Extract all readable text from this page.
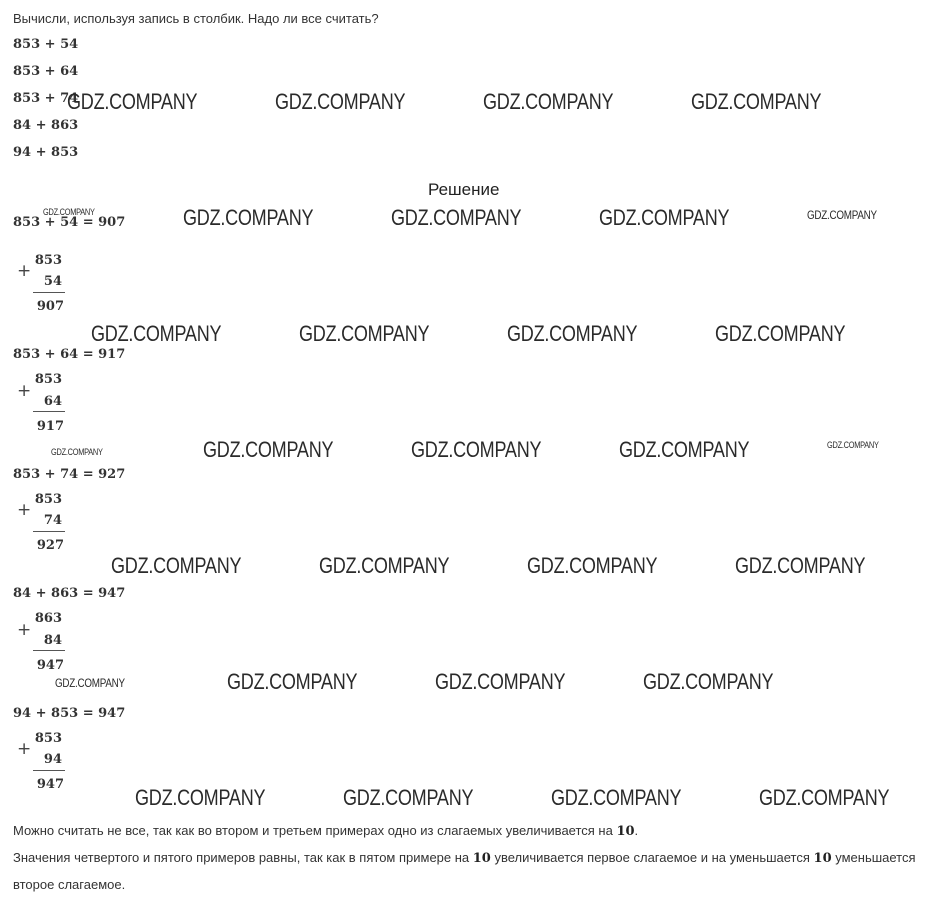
Вычисли, используя запись в столбик. Надо ли все считать?
853 + 54
853 + 64
853 + 74
84 + 863
94 + 853
Решение
853 + 54 = 907
+
853
54
907
853 + 64 = 917
+
853
64
917
853 + 74 = 927
+
853
74
927
84 + 863 = 947
+
863
84
947
94 + 853 = 947
+
853
94
947
Можно считать не все, так как во втором и третьем примерах одно из слагаемых увеличивается на 10.
Значения четвертого и пятого примеров равны, так как в пятом примере на 10 увеличивается первое слагаемое и на уменьшается 10 уменьшается второе слагаемое.
GDZ.COMPANY	GDZ.COMPANY	GDZ.COMPANY	GDZ.COMPANY
GDZ.COMPANY	GDZ.COMPANY	GDZ.COMPANY	GDZ.COMPANY	GDZ.COMPANY
GDZ.COMPANY	GDZ.COMPANY	GDZ.COMPANY	GDZ.COMPANY
GDZ.COMPANY	GDZ.COMPANY	GDZ.COMPANY	GDZ.COMPANY	GDZ.COMPANY
GDZ.COMPANY	GDZ.COMPANY	GDZ.COMPANY	GDZ.COMPANY
GDZ.COMPANY	GDZ.COMPANY	GDZ.COMPANY	GDZ.COMPANY
GDZ.COMPANY	GDZ.COMPANY	GDZ.COMPANY	GDZ.COMPANY
